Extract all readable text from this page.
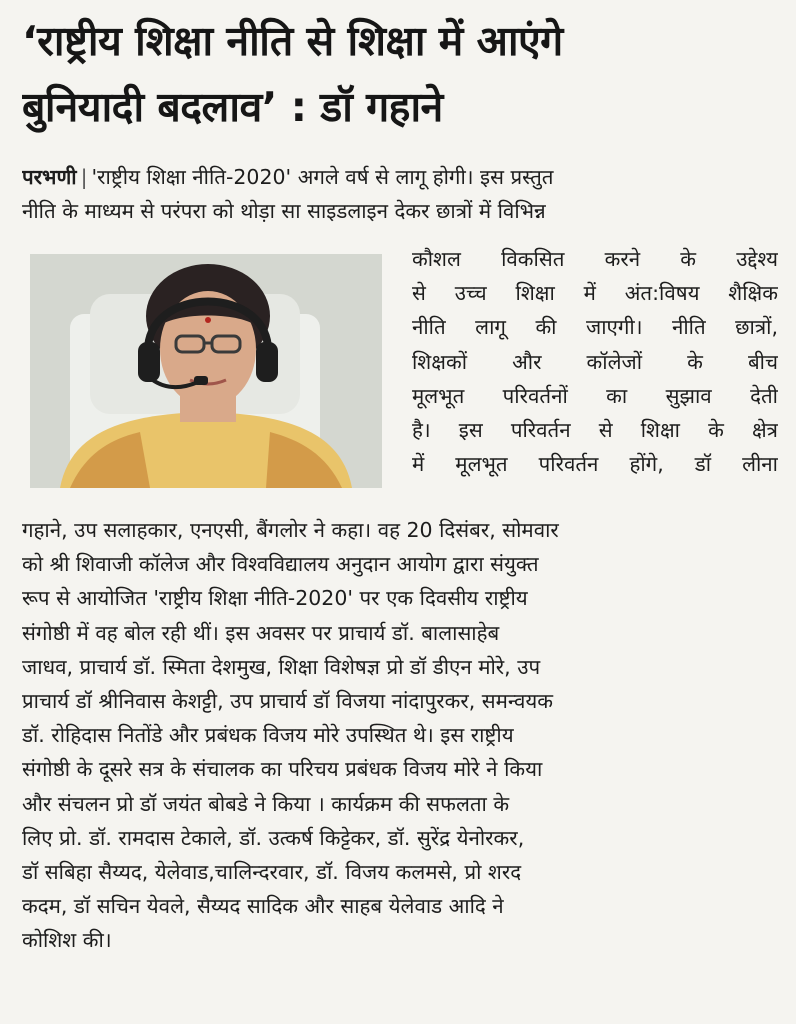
‘राष्ट्रीय शिक्षा नीति से शिक्षा में आएंगे
बुनियादी बदलाव’ : डॉ गहाने
परभणी | 'राष्ट्रीय शिक्षा नीति-2020' अगले वर्ष से लागू होगी। इस प्रस्तुत
नीति के माध्यम से परंपरा को थोड़ा सा साइडलाइन देकर छात्रों में विभिन्न
कौशल विकसित करने के उद्देश्य
से उच्च शिक्षा में अंत:विषय शैक्षिक
नीति लागू की जाएगी। नीति छात्रों,
शिक्षकों और कॉलेजों के बीच
मूलभूत परिवर्तनों का सुझाव देती
है। इस परिवर्तन से शिक्षा के क्षेत्र
में मूलभूत परिवर्तन होंगे, डॉ लीना
गहाने, उप सलाहकार, एनएसी, बैंगलोर ने कहा। वह 20 दिसंबर, सोमवार
को श्री शिवाजी कॉलेज और विश्वविद्यालय अनुदान आयोग द्वारा संयुक्त
रूप से आयोजित 'राष्ट्रीय शिक्षा नीति-2020' पर एक दिवसीय राष्ट्रीय
संगोष्ठी में वह बोल रही थीं। इस अवसर पर प्राचार्य डॉ. बालासाहेब
जाधव, प्राचार्य डॉ. स्मिता देशमुख, शिक्षा विशेषज्ञ प्रो डॉ डीएन मोरे, उप
प्राचार्य डॉ श्रीनिवास केशट्टी, उप प्राचार्य डॉ विजया नांदापुरकर, समन्वयक
डॉ. रोहिदास नितोंडे और प्रबंधक विजय मोरे उपस्थित थे। इस राष्ट्रीय
संगोष्ठी के दूसरे सत्र के संचालक का परिचय प्रबंधक विजय मोरे ने किया
और संचलन प्रो डॉ जयंत बोबडे ने किया । कार्यक्रम की सफलता के
लिए प्रो. डॉ. रामदास टेकाले, डॉ. उत्कर्ष किट्टेकर, डॉ. सुरेंद्र येनोरकर,
डॉ सबिहा सैय्यद, येलेवाड,चालिन्दरवार, डॉ. विजय कलमसे, प्रो शरद
कदम, डॉ सचिन येवले, सैय्यद सादिक और साहब येलेवाड आदि ने
कोशिश की।
